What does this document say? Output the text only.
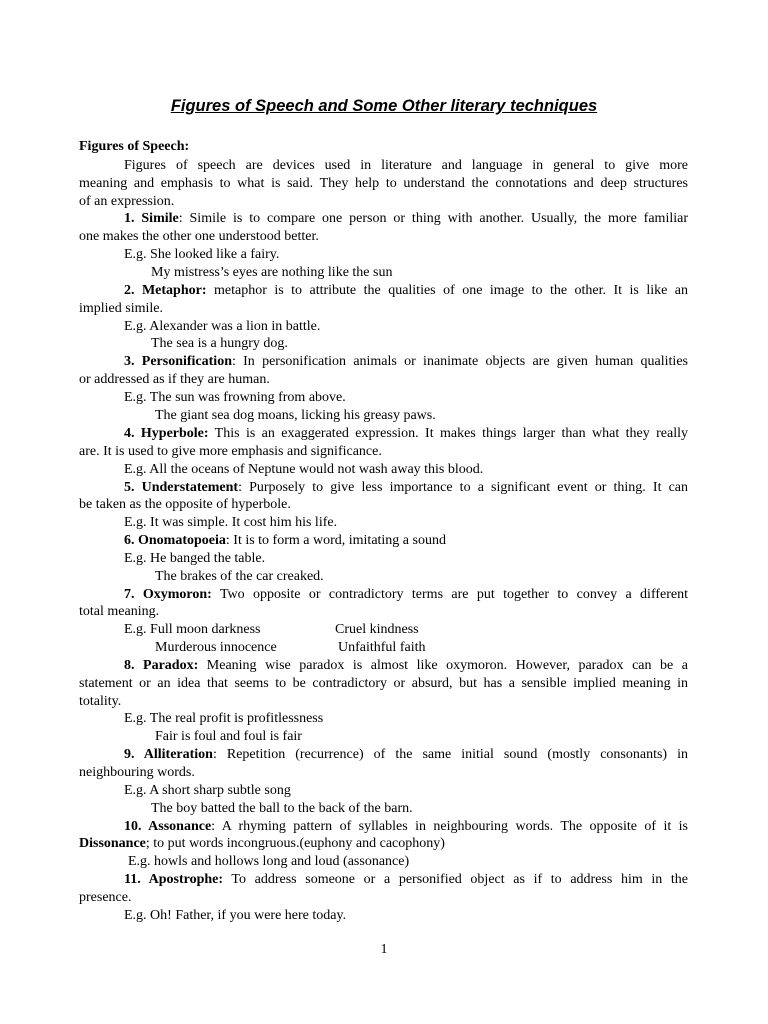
Figures of Speech and Some Other literary techniques
Figures of Speech:
Figures of speech are devices used in literature and language in general to give more
meaning and emphasis to what is said. They help to understand the connotations and deep structures
of an expression.
1. Simile: Simile is to compare one person or thing with another. Usually, the more familiar
one makes the other one understood better.
E.g. She looked like a fairy.
My mistress’s eyes are nothing like the sun
2. Metaphor: metaphor is to attribute the qualities of one image to the other. It is like an
implied simile.
E.g. Alexander was a lion in battle.
The sea is a hungry dog.
3. Personification: In personification animals or inanimate objects are given human qualities
or addressed as if they are human.
E.g. The sun was frowning from above.
The giant sea dog moans, licking his greasy paws.
4. Hyperbole: This is an exaggerated expression. It makes things larger than what they really
are. It is used to give more emphasis and significance.
E.g. All the oceans of Neptune would not wash away this blood.
5. Understatement: Purposely to give less importance to a significant event or thing. It can
be taken as the opposite of hyperbole.
E.g. It was simple. It cost him his life.
6. Onomatopoeia: It is to form a word, imitating a sound
E.g. He banged the table.
The brakes of the car creaked.
7. Oxymoron: Two opposite or contradictory terms are put together to convey a different
total meaning.
E.g. Full moon darkness	Cruel kindness
Murderous innocence	Unfaithful faith
8. Paradox: Meaning wise paradox is almost like oxymoron. However, paradox can be a
statement or an idea that seems to be contradictory or absurd, but has a sensible implied meaning in
totality.
E.g. The real profit is profitlessness
Fair is foul and foul is fair
9. Alliteration: Repetition (recurrence) of the same initial sound (mostly consonants) in
neighbouring words.
E.g. A short sharp subtle song
The boy batted the ball to the back of the barn.
10. Assonance: A rhyming pattern of syllables in neighbouring words. The opposite of it is
Dissonance; to put words incongruous.(euphony and cacophony)
E.g. howls and hollows long and loud (assonance)
11. Apostrophe: To address someone or a personified object as if to address him in the
presence.
E.g. Oh! Father, if you were here today.
1
